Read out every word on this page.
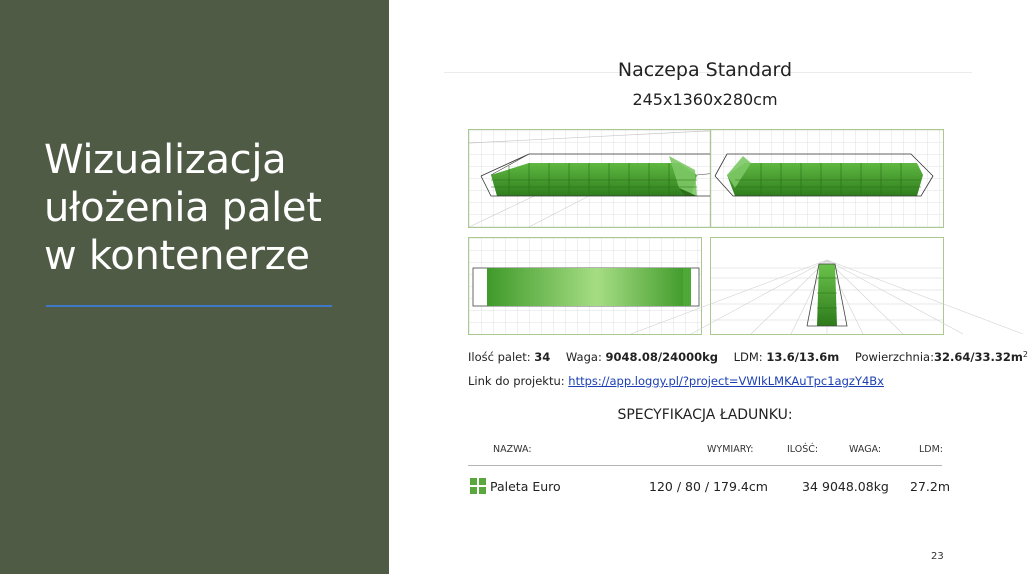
Wizualizacja
ułożenia palet
w kontenerze
Naczepa Standard
245x1360x280cm
Ilość palet: 34 Waga: 9048.08/24000kg LDM: 13.6/13.6m $Powierzchnia:32.64/33.32m^2$
Link do projektu: https://app.loggy.pl/?project=VWIkLMKAuTpc1agzY4Bx
SPECYFIKACJA ŁADUNKU:
NAZWA:	WYMIARY:	ILOŚĆ:	WAGA:	LDM:
Paleta Euro	120 / 80 / 179.4cm	34 9048.08kg 27.2m
23
